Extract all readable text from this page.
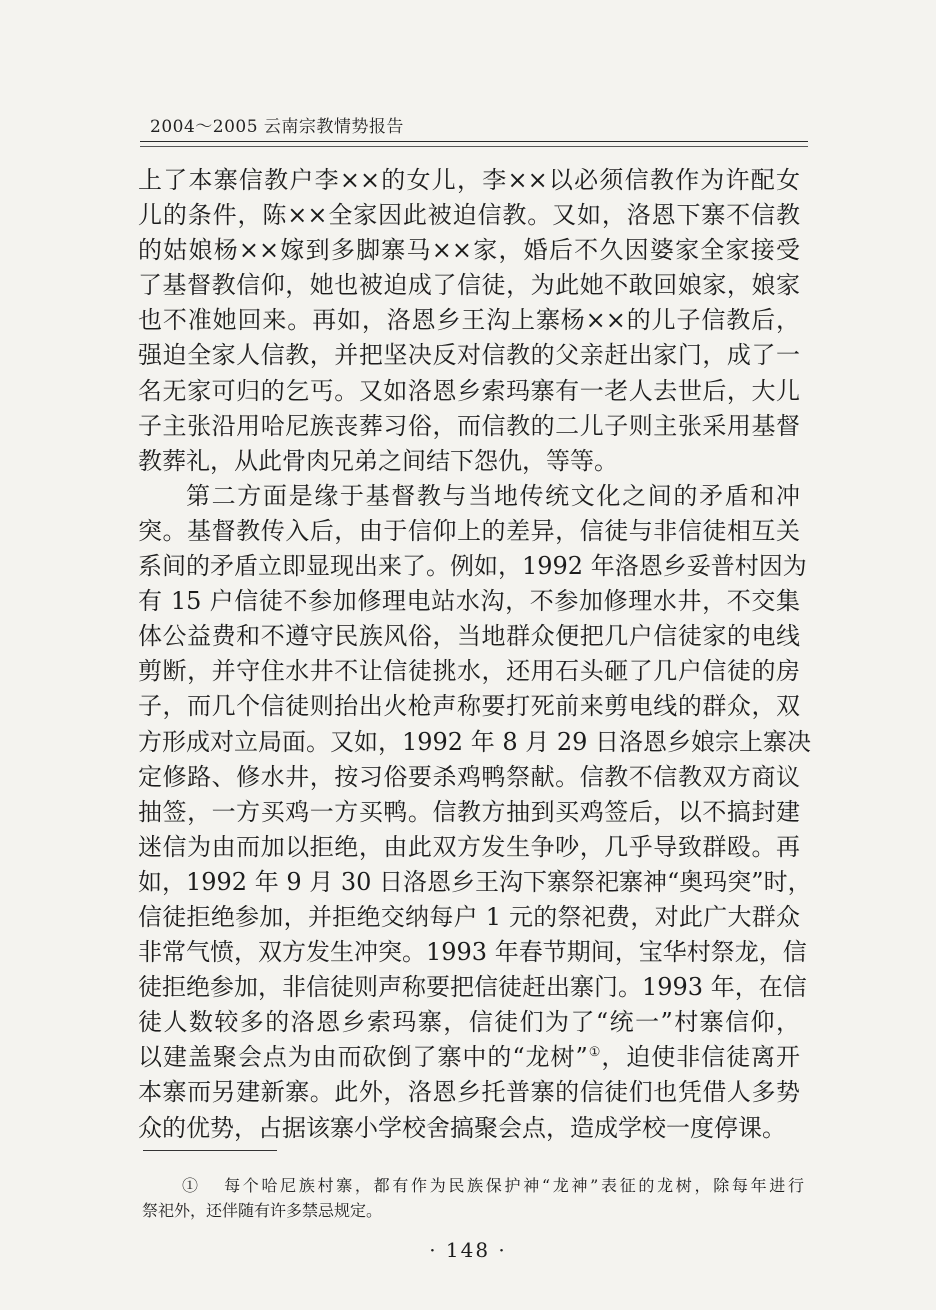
2004～2005 云南宗教情势报告
上了本寨信教户李××的女儿，李××以必须信教作为许配女
儿的条件，陈××全家因此被迫信教。又如，洛恩下寨不信教
的姑娘杨××嫁到多脚寨马××家，婚后不久因婆家全家接受
了基督教信仰，她也被迫成了信徒，为此她不敢回娘家，娘家
也不准她回来。再如，洛恩乡王沟上寨杨××的儿子信教后，
强迫全家人信教，并把坚决反对信教的父亲赶出家门，成了一
名无家可归的乞丐。又如洛恩乡索玛寨有一老人去世后，大儿
子主张沿用哈尼族丧葬习俗，而信教的二儿子则主张采用基督
教葬礼，从此骨肉兄弟之间结下怨仇，等等。
第二方面是缘于基督教与当地传统文化之间的矛盾和冲
突。基督教传入后，由于信仰上的差异，信徒与非信徒相互关
系间的矛盾立即显现出来了。例如，1992 年洛恩乡妥普村因为
有 15 户信徒不参加修理电站水沟，不参加修理水井，不交集
体公益费和不遵守民族风俗，当地群众便把几户信徒家的电线
剪断，并守住水井不让信徒挑水，还用石头砸了几户信徒的房
子，而几个信徒则抬出火枪声称要打死前来剪电线的群众，双
方形成对立局面。又如，1992 年 8 月 29 日洛恩乡娘宗上寨决
定修路、修水井，按习俗要杀鸡鸭祭献。信教不信教双方商议
抽签，一方买鸡一方买鸭。信教方抽到买鸡签后，以不搞封建
迷信为由而加以拒绝，由此双方发生争吵，几乎导致群殴。再
如，1992 年 9 月 30 日洛恩乡王沟下寨祭祀寨神“奥玛突”时，
信徒拒绝参加，并拒绝交纳每户 1 元的祭祀费，对此广大群众
非常气愤，双方发生冲突。1993 年春节期间，宝华村祭龙，信
徒拒绝参加，非信徒则声称要把信徒赶出寨门。1993 年，在信
徒人数较多的洛恩乡索玛寨，信徒们为了“统一”村寨信仰，
以建盖聚会点为由而砍倒了寨中的“龙树”①，迫使非信徒离开
本寨而另建新寨。此外，洛恩乡托普寨的信徒们也凭借人多势
众的优势，占据该寨小学校舍搞聚会点，造成学校一度停课。
① 每个哈尼族村寨，都有作为民族保护神“龙神”表征的龙树，除每年进行
祭祀外，还伴随有许多禁忌规定。
· 148 ·
